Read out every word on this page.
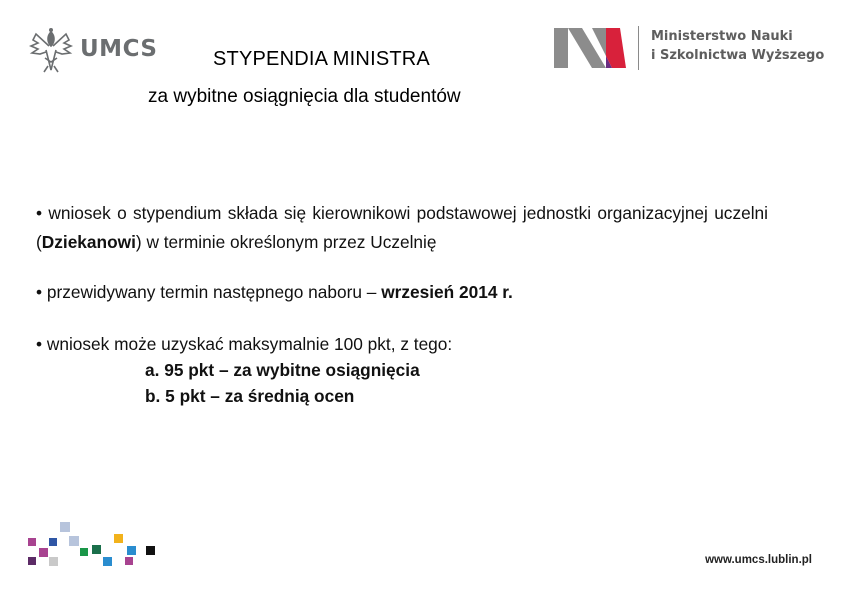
UMCS	Ministerstwo Nauki
i Szkolnictwa Wyższego
STYPENDIA MINISTRA
za wybitne osiągnięcia dla studentów
• wniosek o stypendium składa się kierownikowi podstawowej jednostki organizacyjnej uczelni (Dziekanowi) w terminie określonym przez Uczelnię
• przewidywany termin następnego naboru – wrzesień 2014 r.
• wniosek może uzyskać maksymalnie 100 pkt, z tego:
a. 95 pkt – za wybitne osiągnięcia
b. 5 pkt – za średnią ocen
www.umcs.lublin.pl
